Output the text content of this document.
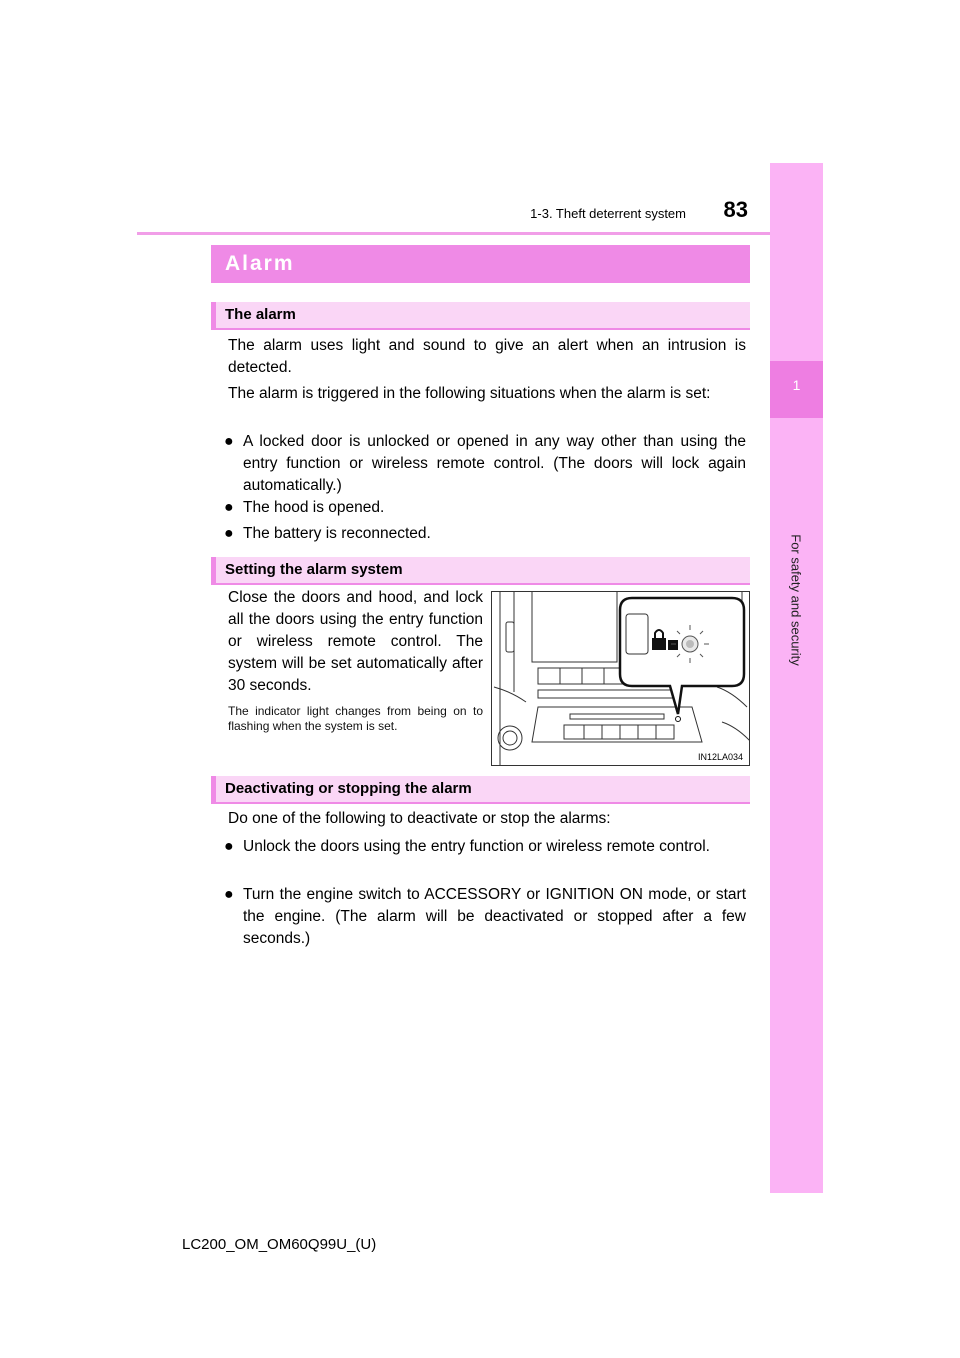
1-3. Theft deterrent system	83
1
For safety and security
Alarm
The alarm

The alarm uses light and sound to give an alert when an intrusion is detected.

The alarm is triggered in the following situations when the alarm is set:

● A locked door is unlocked or opened in any way other than using the entry function or wireless remote control. (The doors will lock again automatically.)
● The hood is opened.
● The battery is reconnected.
Setting the alarm system

Close the doors and hood, and lock all the doors using the entry function or wireless remote control. The system will be set automatically after 30 seconds.

The indicator light changes from being on to flashing when the system is set.

IN12LA034
Deactivating or stopping the alarm

Do one of the following to deactivate or stop the alarms:

● Unlock the doors using the entry function or wireless remote control.
● Turn the engine switch to ACCESSORY or IGNITION ON mode, or start the engine. (The alarm will be deactivated or stopped after a few seconds.)
LC200_OM_OM60Q99U_(U)
